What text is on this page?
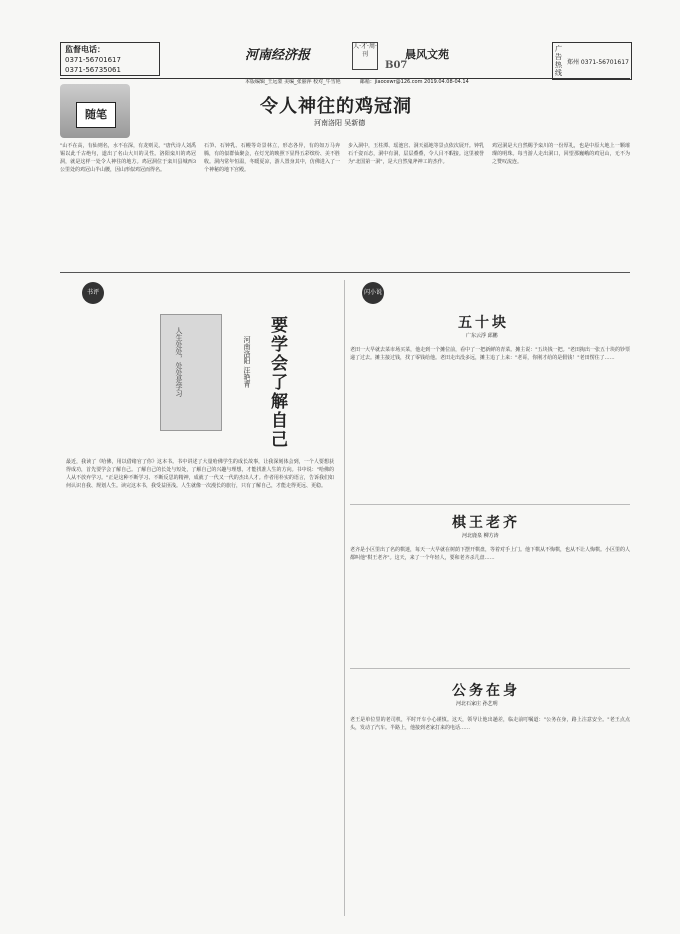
监督电话：
0371-56701617
0371-56735061
河南经济报
人·才·周·刊	晨风文苑
B07
本版编辑_王远蒙 美编_张丽萍 校对_牛雪艳	邮箱：jiaocewr@126.com 2019.04.08-04.14
广告热线
郑州 0371-56701617
随笔	令人神往的鸡冠洞
河南洛阳 吴新德
"山不在高，有仙则名，水不在深，有龙则灵。"唐代诗人刘禹锡以此千古绝句，道出了名山大川的灵性。洛阳栾川的鸡冠洞，就是这样一处令人神往的地方。鸡冠洞位于栾川县城西3公里处的鸡冠山半山腰，因山形似鸡冠而得名。
石笋、石钟乳、石幔等奇景林立，形态各异，有的如万马奔腾，有的似群仙聚会，在灯光的映照下显得五彩缤纷、美不胜收。洞内常年恒温，冬暖夏凉，游人置身其中，仿佛进入了一个神秘的地下宫殿。
步入洞中，玉柱潭、瑶池宫、洞天福地等景点依次展开。钟乳石千姿百态，洞中有洞，层层叠叠，令人目不暇接。这里被誉为"北国第一洞"，是大自然鬼斧神工的杰作。
鸡冠洞是大自然赐予栾川的一份厚礼，也是中原大地上一颗璀璨的明珠。每当游人走出洞口，回望那巍峨的鸡冠山，无不为之赞叹流连。
书评
人生处处，处处是学习	要学会了解自己
河南洛阳 汪艳青
最近，我读了《哈佛，用以借绪官了你》这本书。书中讲述了大量哈佛学生的成长故事，让我深刻体会到，一个人要想获得成功，首先要学会了解自己。了解自己的长处与短处，了解自己的兴趣与理想，才能找准人生的方向。书中说："哈佛的人从不放弃学习。"正是这种不断学习、不断反思的精神，成就了一代又一代的杰出人才。作者用朴实的语言，告诉我们如何认识自我、规划人生。读完这本书，我受益匪浅。人生就像一次漫长的旅行，只有了解自己，才能走得更远、更稳。
闪小说
五十块
广东云浮 邱鹏
老田一大早就去菜市场买菜，他走到一个摊位前，看中了一把新鲜的青菜。摊主说："五块钱一把。"老田掏出一张五十块的钞票递了过去。摊主接过钱，找了零钱给他。老田走出没多远，摊主追了上来："老哥，你刚才给的是假钱！"老田愣住了……
棋王老齐
河北鹿泉 柳方涛
老齐是小区里出了名的棋迷，每天一大早就在树荫下摆开棋盘，等着对手上门。他下棋从不悔棋，也从不让人悔棋。小区里的人都叫他"棋王老齐"。这天，来了一个年轻人，要和老齐杀几盘……
公务在身
河北石家庄 孙艺明
老王是单位里的老司机，平时开车小心谨慎。这天，领导让他出趟差，临走前叮嘱道："公务在身，路上注意安全。"老王点点头，发动了汽车。半路上，他接到老家打来的电话……
